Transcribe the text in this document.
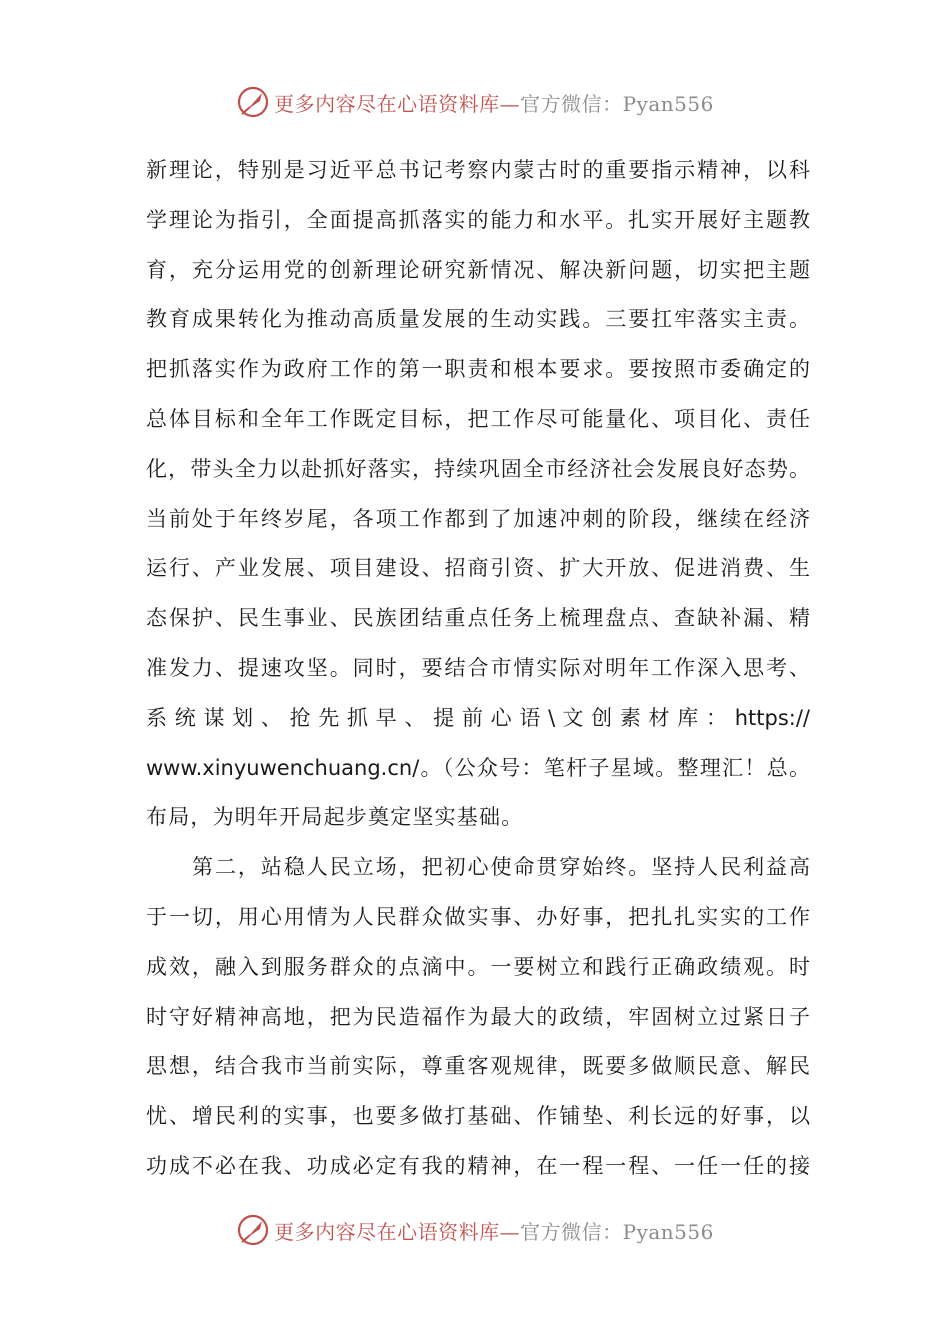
更多内容尽在心语资料库—官方微信：Pyan556
新理论，特别是习近平总书记考察内蒙古时的重要指示精神，以科
学理论为指引，全面提高抓落实的能力和水平。扎实开展好主题教
育，充分运用党的创新理论研究新情况、解决新问题，切实把主题
教育成果转化为推动高质量发展的生动实践。三要扛牢落实主责。
把抓落实作为政府工作的第一职责和根本要求。要按照市委确定的
总体目标和全年工作既定目标，把工作尽可能量化、项目化、责任
化，带头全力以赴抓好落实，持续巩固全市经济社会发展良好态势。
当前处于年终岁尾，各项工作都到了加速冲刺的阶段，继续在经济
运行、产业发展、项目建设、招商引资、扩大开放、促进消费、生
态保护、民生事业、民族团结重点任务上梳理盘点、查缺补漏、精
准发力、提速攻坚。同时，要结合市情实际对明年工作深入思考、
系 统 谋 划 、 抢 先 抓 早 、 提 前 心 语 \ 文 创 素 材 库 ： https://
www.xinyuwenchuang.cn/。（公众号：笔杆子星域。整理汇！总。
布局，为明年开局起步奠定坚实基础。
第二，站稳人民立场，把初心使命贯穿始终。坚持人民利益高
于一切，用心用情为人民群众做实事、办好事，把扎扎实实的工作
成效，融入到服务群众的点滴中。一要树立和践行正确政绩观。时
时守好精神高地，把为民造福作为最大的政绩，牢固树立过紧日子
思想，结合我市当前实际，尊重客观规律，既要多做顺民意、解民
忧、增民利的实事，也要多做打基础、作铺垫、利长远的好事，以
功成不必在我、功成必定有我的精神，在一程一程、一任一任的接
更多内容尽在心语资料库—官方微信：Pyan556
